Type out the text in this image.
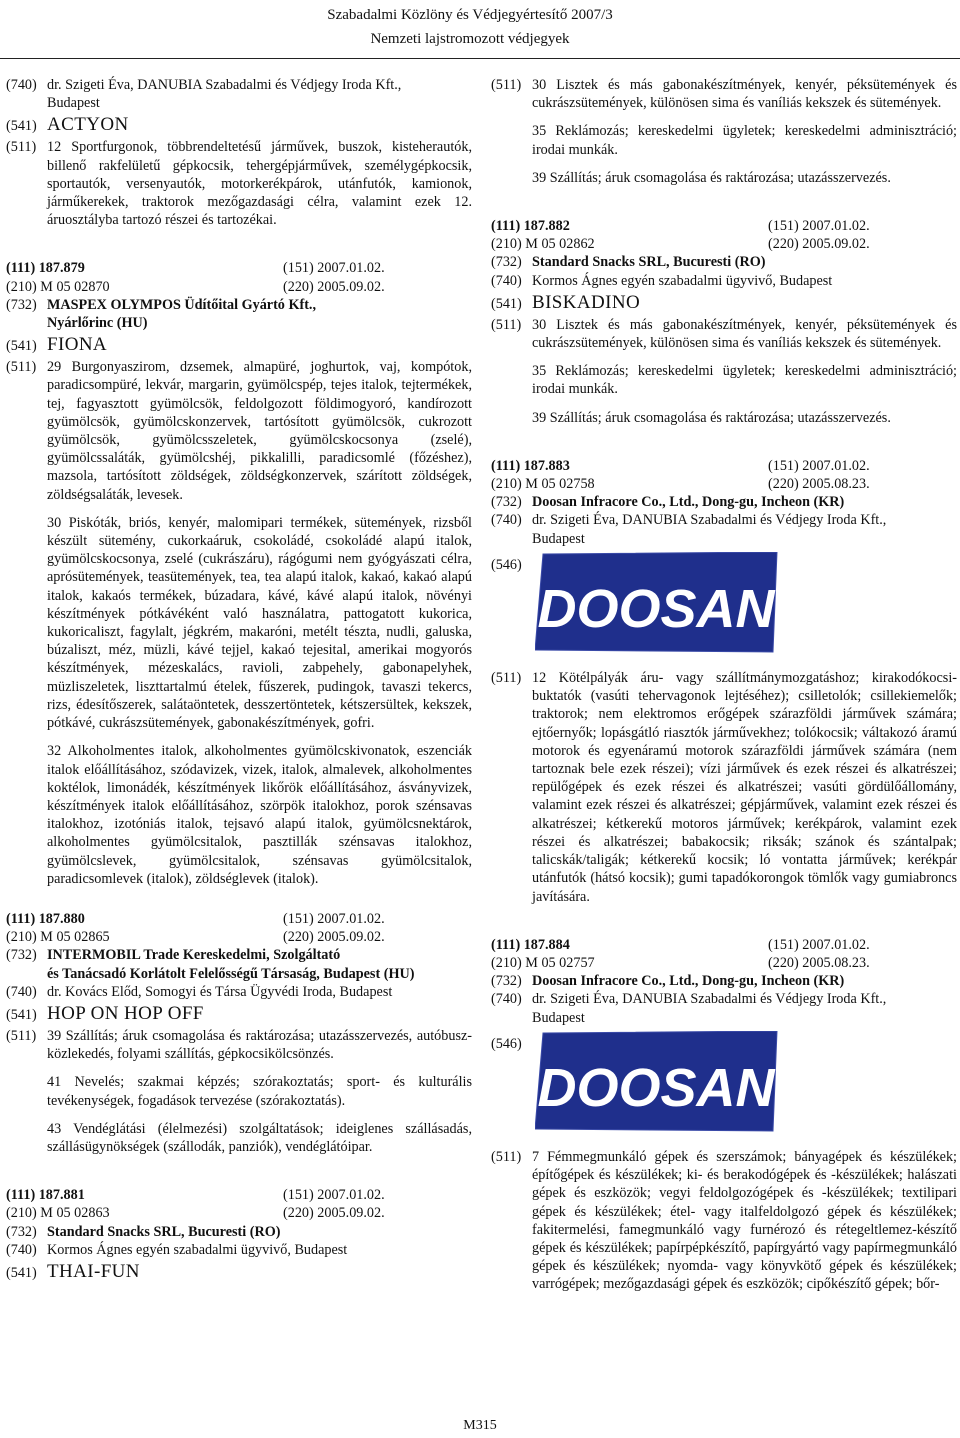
Szabadalmi Közlöny és Védjegyértesítő 2007/3
Nemzeti lajstromozott védjegyek
(740) dr. Szigeti Éva, DANUBIA Szabadalmi és Védjegy Iroda Kft.,
Budapest
(541) ACTYON
(511) 12 Sportfurgonok, többrendeltetésű járművek, buszok, kisteherautók, billenő rakfelületű gépkocsik, tehergépjárművek, személygépkocsik, sportautók, versenyautók, motorkerékpárok, utánfutók, kamionok, járműkerekek, traktorok mezőgazdasági célra, valamint ezek 12. áruosztályba tartozó részei és tartozékai.
(111) 187.879	(151) 2007.01.02.
(210) M 05 02870	(220) 2005.09.02.
(732) MASPEX OLYMPOS Üdítőital Gyártó Kft.,
Nyárlőrinc (HU)
(541) FIONA
(511) 29 Burgonyaszirom, dzsemek, almapüré, joghurtok, vaj, kompótok, paradicsompüré, lekvár, margarin, gyümölcspép, tejes italok, tejtermékek, tej, fagyasztott gyümölcsök, feldolgozott földimogyoró, kandírozott gyümölcsök, gyümölcskonzervek, tartósított gyümölcsök, cukrozott gyümölcsök, gyümölcsszeletek, gyümölcskocsonya (zselé), gyümölcssaláták, gyümölcshéj, pikkalilli, paradicsomlé (főzéshez), mazsola, tartósított zöldségek, zöldségkonzervek, szárított zöldségek, zöldségsaláták, levesek.
30 Piskóták, briós, kenyér, malomipari termékek, sütemények, rizsből készült sütemény, cukorkaáruk, csokoládé, csokoládé alapú italok, gyümölcskocsonya, zselé (cukrászáru), rágógumi nem gyógyászati célra, aprósütemények, teasütemények, tea, tea alapú italok, kakaó, kakaó alapú italok, kakaós termékek, búzadara, kávé, kávé alapú italok, növényi készítmények pótkávéként való használatra, pattogatott kukorica, kukoricaliszt, fagylalt, jégkrém, makaróni, metélt tészta, nudli, galuska, búzaliszt, méz, müzli, kávé tejjel, kakaó tejesital, amerikai mogyorós készítmények, mézeskalács, ravioli, zabpehely, gabonapelyhek, müzliszeletek, liszttartalmú ételek, fűszerek, pudingok, tavaszi tekercs, rizs, édesítőszerek, salátaöntetek, desszertöntetek, kétszersültek, kekszek, pótkávé, cukrászsütemények, gabonakészítmények, gofri.
32 Alkoholmentes italok, alkoholmentes gyümölcskivonatok, eszenciák italok előállításához, szódavizek, vizek, italok, almalevek, alkoholmentes koktélok, limonádék, készítmények likőrök előállításához, ásványvizek, készítmények italok előállításához, szörpök italokhoz, porok szénsavas italokhoz, izotóniás italok, tejsavó alapú italok, gyümölcsnektárok, alkoholmentes gyümölcsitalok, pasztillák szénsavas italokhoz, gyümölcslevek, gyümölcsitalok, szénsavas gyümölcsitalok, paradicsomlevek (italok), zöldséglevek (italok).
(111) 187.880	(151) 2007.01.02.
(210) M 05 02865	(220) 2005.09.02.
(732) INTERMOBIL Trade Kereskedelmi, Szolgáltató
és Tanácsadó Korlátolt Felelősségű Társaság, Budapest (HU)
(740) dr. Kovács Előd, Somogyi és Társa Ügyvédi Iroda, Budapest
(541) HOP ON HOP OFF
(511) 39 Szállítás; áruk csomagolása és raktározása; utazásszervezés, autóbusz-közlekedés, folyami szállítás, gépkocsikölcsönzés.
41 Nevelés; szakmai képzés; szórakoztatás; sport- és kulturális tevékenységek, fogadások tervezése (szórakoztatás).
43 Vendéglátási (élelmezési) szolgáltatások; ideiglenes szállásadás, szállásügynökségek (szállodák, panziók), vendéglátóipar.
(111) 187.881	(151) 2007.01.02.
(210) M 05 02863	(220) 2005.09.02.
(732) Standard Snacks SRL, Bucuresti (RO)
(740) Kormos Ágnes egyén szabadalmi ügyvivő, Budapest
(541) THAI-FUN
(511) 30 Lisztek és más gabonakészítmények, kenyér, péksütemények és cukrászsütemények, különösen sima és vaníliás kekszek és sütemények.
35 Reklámozás; kereskedelmi ügyletek; kereskedelmi adminisztráció; irodai munkák.
39 Szállítás; áruk csomagolása és raktározása; utazásszervezés.
(111) 187.882	(151) 2007.01.02.
(210) M 05 02862	(220) 2005.09.02.
(732) Standard Snacks SRL, Bucuresti (RO)
(740) Kormos Ágnes egyén szabadalmi ügyvivő, Budapest
(541) BISKADINO
(511) 30 Lisztek és más gabonakészítmények, kenyér, péksütemények és cukrászsütemények, különösen sima és vaníliás kekszek és sütemények.
35 Reklámozás; kereskedelmi ügyletek; kereskedelmi adminisztráció; irodai munkák.
39 Szállítás; áruk csomagolása és raktározása; utazásszervezés.
(111) 187.883	(151) 2007.01.02.
(210) M 05 02758	(220) 2005.08.23.
(732) Doosan Infracore Co., Ltd., Dong-gu, Incheon (KR)
(740) dr. Szigeti Éva, DANUBIA Szabadalmi és Védjegy Iroda Kft.,
Budapest
(546)
DOOSAN
(511) 12 Kötélpályák áru- vagy szállítmánymozgatáshoz; kirakodókocsi-buktatók (vasúti tehervagonok lejtéséhez); csilletolók; csillekiemelők; traktorok; nem elektromos erőgépek szárazföldi járművek számára; ejtőernyők; lopásgátló riasztók járművekhez; tolókocsik; váltakozó áramú motorok és egyenáramú motorok szárazföldi járművek számára (nem tartoznak bele ezek részei); vízi járművek és ezek részei és alkatrészei; repülőgépek és ezek részei és alkatrészei; vasúti gördülőállomány, valamint ezek részei és alkatrészei; gépjárművek, valamint ezek részei és alkatrészei; kétkerekű motoros járművek; kerékpárok, valamint ezek részei és alkatrészei; babakocsik; riksák; szánok és szántalpak; talicskák/taligák; kétkerekű kocsik; ló vontatta járművek; kerékpár utánfutók (hátsó kocsik); gumi tapadókorongok tömlők vagy gumiabroncs javítására.
(111) 187.884	(151) 2007.01.02.
(210) M 05 02757	(220) 2005.08.23.
(732) Doosan Infracore Co., Ltd., Dong-gu, Incheon (KR)
(740) dr. Szigeti Éva, DANUBIA Szabadalmi és Védjegy Iroda Kft.,
Budapest
(546)
DOOSAN
(511) 7 Fémmegmunkáló gépek és szerszámok; bányagépek és készülékek; építőgépek és készülékek; ki- és berakodógépek és -készülékek; halászati gépek és eszközök; vegyi feldolgozógépek és -készülékek; textilipari gépek és készülékek; étel- vagy italfeldolgozó gépek és készülékek; fakitermelési, famegmunkáló vagy furnérozó és rétegeltlemez-készítő gépek és készülékek; papírpépkészítő, papírgyártó vagy papírmegmunkáló gépek és készülékek; nyomda- vagy könyvkötő gépek és készülékek; varrógépek; mezőgazdasági gépek és eszközök; cipőkészítő gépek; bőr-
M315
